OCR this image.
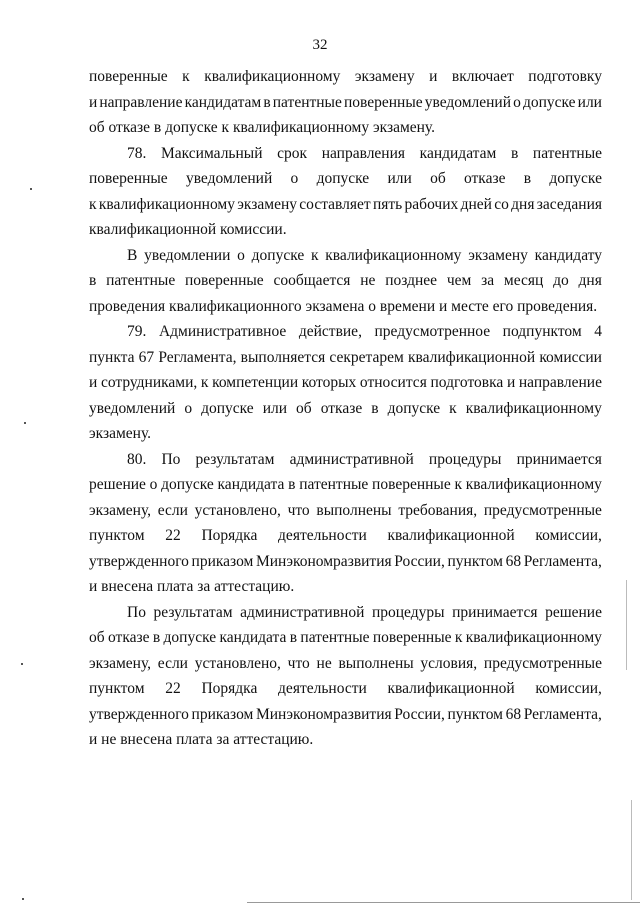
32
поверенные к квалификационному экзамену и включает подготовку
и направление кандидатам в патентные поверенные уведомлений о допуске или
об отказе в допуске к квалификационному экзамену.
78. Максимальный срок направления кандидатам в патентные
поверенные уведомлений о допуске или об отказе в допуске
к квалификационному экзамену составляет пять рабочих дней со дня заседания
квалификационной комиссии.
В уведомлении о допуске к квалификационному экзамену кандидату
в патентные поверенные сообщается не позднее чем за месяц до дня
проведения квалификационного экзамена о времени и месте его проведения.
79. Административное действие, предусмотренное подпунктом 4
пункта 67 Регламента, выполняется секретарем квалификационной комиссии
и сотрудниками, к компетенции которых относится подготовка и направление
уведомлений о допуске или об отказе в допуске к квалификационному
экзамену.
80. По результатам административной процедуры принимается
решение о допуске кандидата в патентные поверенные к квалификационному
экзамену, если установлено, что выполнены требования, предусмотренные
пунктом 22 Порядка деятельности квалификационной комиссии,
утвержденного приказом Минэкономразвития России, пунктом 68 Регламента,
и внесена плата за аттестацию.
По результатам административной процедуры принимается решение
об отказе в допуске кандидата в патентные поверенные к квалификационному
экзамену, если установлено, что не выполнены условия, предусмотренные
пунктом 22 Порядка деятельности квалификационной комиссии,
утвержденного приказом Минэкономразвития России, пунктом 68 Регламента,
и не внесена плата за аттестацию.
